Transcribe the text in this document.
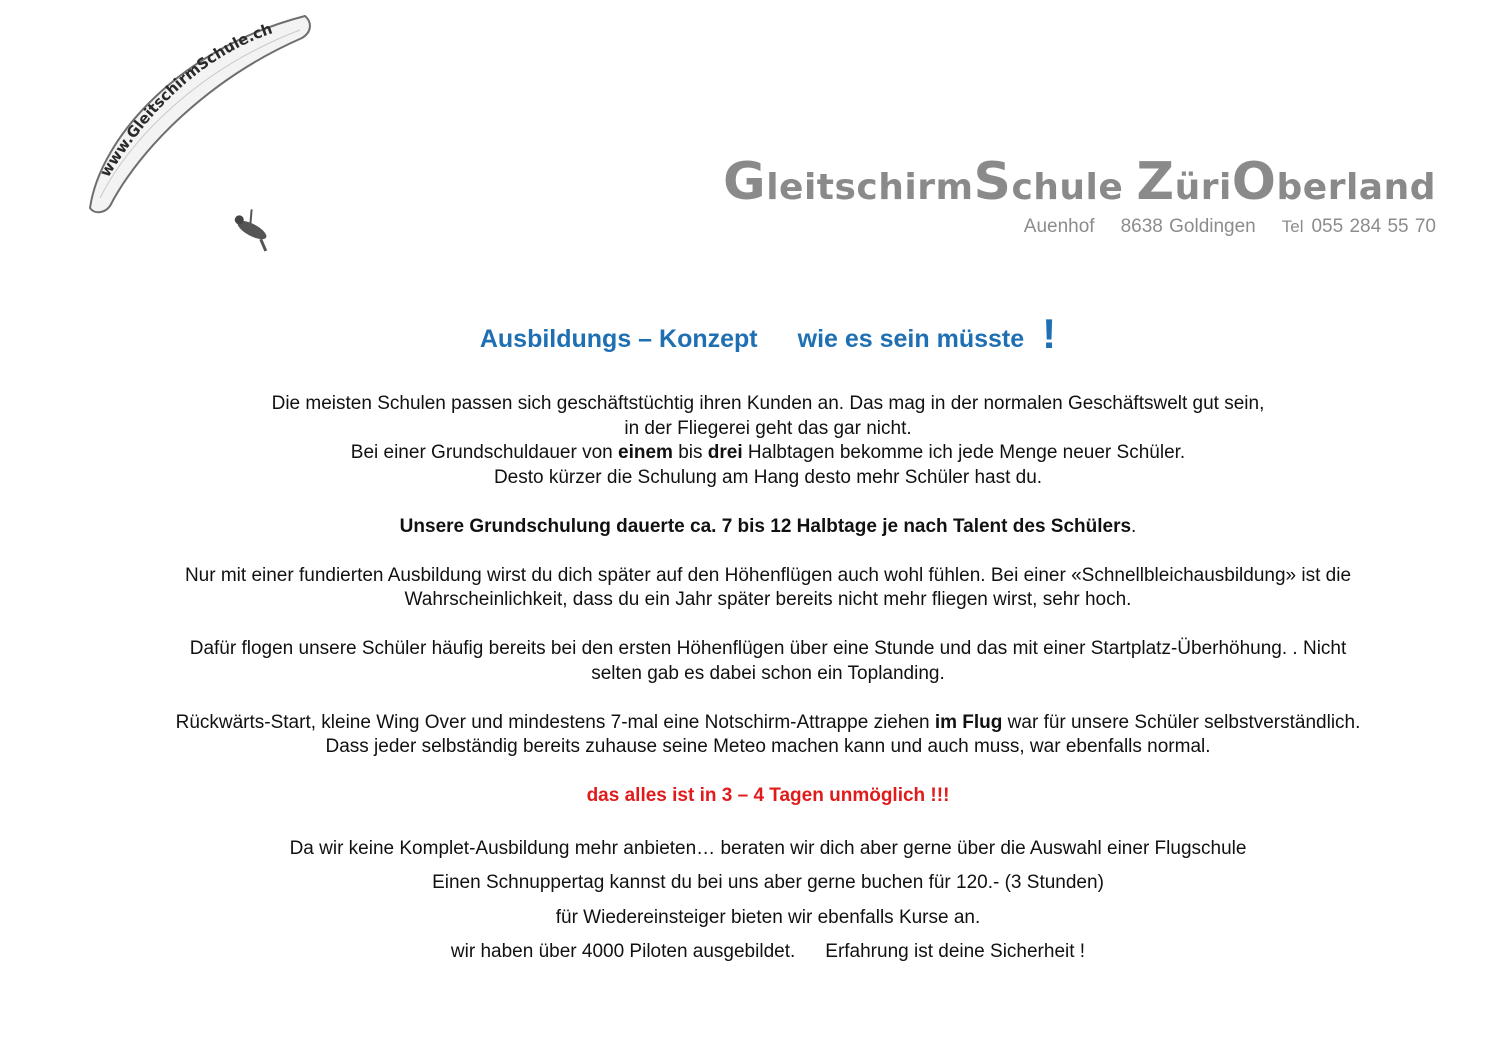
www.GleitschirmSchule.ch
GleitschirmSchule ZüriOberland
Auenhof 8638 Goldingen Tel 055 284 55 70
Ausbildungs – Konzept wie es sein müsste !

Die meisten Schulen passen sich geschäftstüchtig ihren Kunden an. Das mag in der normalen Geschäftswelt gut sein,

in der Fliegerei geht das gar nicht.

Bei einer Grundschuldauer von einem bis drei Halbtagen bekomme ich jede Menge neuer Schüler.

Desto kürzer die Schulung am Hang desto mehr Schüler hast du.

Unsere Grundschulung dauerte ca. 7 bis 12 Halbtage je nach Talent des Schülers.

Nur mit einer fundierten Ausbildung wirst du dich später auf den Höhenflügen auch wohl fühlen. Bei einer «Schnellbleichausbildung» ist die

Wahrscheinlichkeit, dass du ein Jahr später bereits nicht mehr fliegen wirst, sehr hoch.

Dafür flogen unsere Schüler häufig bereits bei den ersten Höhenflügen über eine Stunde und das mit einer Startplatz-Überhöhung. . Nicht

selten gab es dabei schon ein Toplanding.

Rückwärts-Start, kleine Wing Over und mindestens 7-mal eine Notschirm-Attrappe ziehen im Flug war für unsere Schüler selbstverständlich.

Dass jeder selbständig bereits zuhause seine Meteo machen kann und auch muss, war ebenfalls normal.

das alles ist in 3 – 4 Tagen unmöglich !!!

Da wir keine Komplet-Ausbildung mehr anbieten… beraten wir dich aber gerne über die Auswahl einer Flugschule

Einen Schnuppertag kannst du bei uns aber gerne buchen für 120.- (3 Stunden)

für Wiedereinsteiger bieten wir ebenfalls Kurse an.

wir haben über 4000 Piloten ausgebildet. Erfahrung ist deine Sicherheit !
